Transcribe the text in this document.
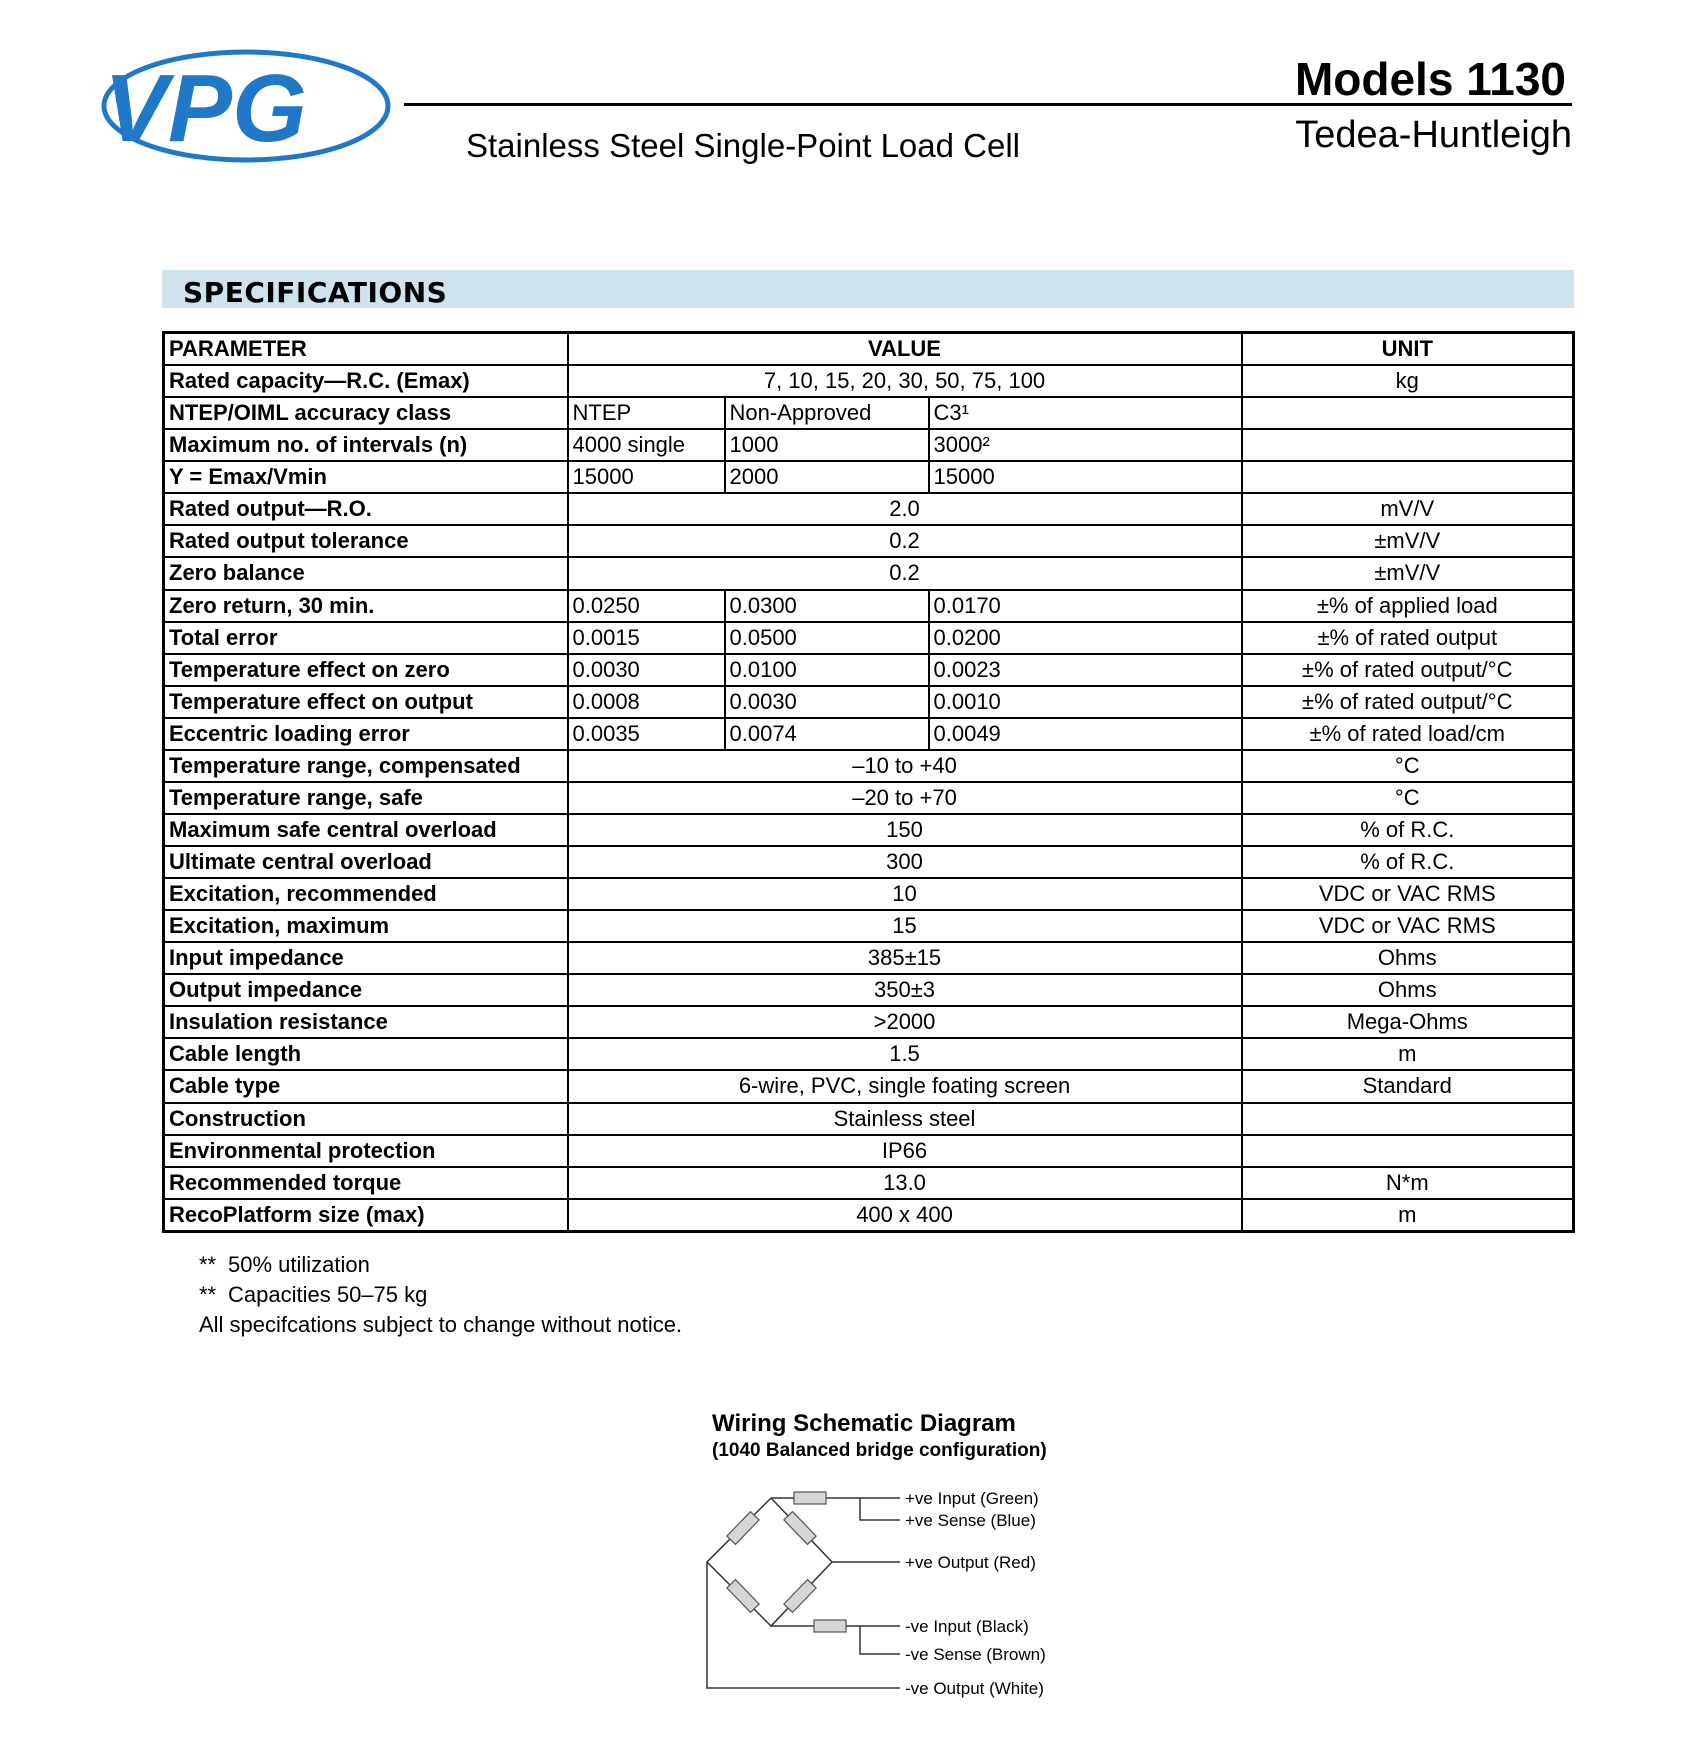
VPG	Models 1130
Tedea-Huntleigh
Stainless Steel Single-Point Load Cell
SPECIFICATIONS
PARAMETER	VALUE			UNIT
Rated capacity—R.C. (Emax)	7, 10, 15, 20, 30, 50, 75, 100			kg
NTEP/OIML accuracy class	NTEP	Non-Approved	C3¹	
Maximum no. of intervals (n)	4000 single	1000	3000²	
Y = Emax/Vmin	15000	2000	15000	
Rated output—R.O.	2.0			mV/V
Rated output tolerance	0.2			±mV/V
Zero balance	0.2			±mV/V
Zero return, 30 min.	0.0250	0.0300	0.0170	±% of applied load
Total error	0.0015	0.0500	0.0200	±% of rated output
Temperature effect on zero	0.0030	0.0100	0.0023	±% of rated output/°C
Temperature effect on output	0.0008	0.0030	0.0010	±% of rated output/°C
Eccentric loading error	0.0035	0.0074	0.0049	±% of rated load/cm
Temperature range, compensated	–10 to +40			°C
Temperature range, safe	–20 to +70			°C
Maximum safe central overload	150			% of R.C.
Ultimate central overload	300			% of R.C.
Excitation, recommended	10			VDC or VAC RMS
Excitation, maximum	15			VDC or VAC RMS
Input impedance	385±15			Ohms
Output impedance	350±3			Ohms
Insulation resistance	>2000			Mega-Ohms
Cable length	1.5			m
Cable type	6-wire, PVC, single foating screen			Standard
Construction	Stainless steel			
Environmental protection	IP66			
Recommended torque	13.0			N*m
RecoPlatform size (max)	400 x 400			m
** 50% utilization
** Capacities 50–75 kg
All specifcations subject to change without notice.
Wiring Schematic Diagram
(1040 Balanced bridge configuration)
+ve Input (Green)
+ve Sense (Blue)
+ve Output (Red)
-ve Input (Black)
-ve Sense (Brown)
-ve Output (White)
